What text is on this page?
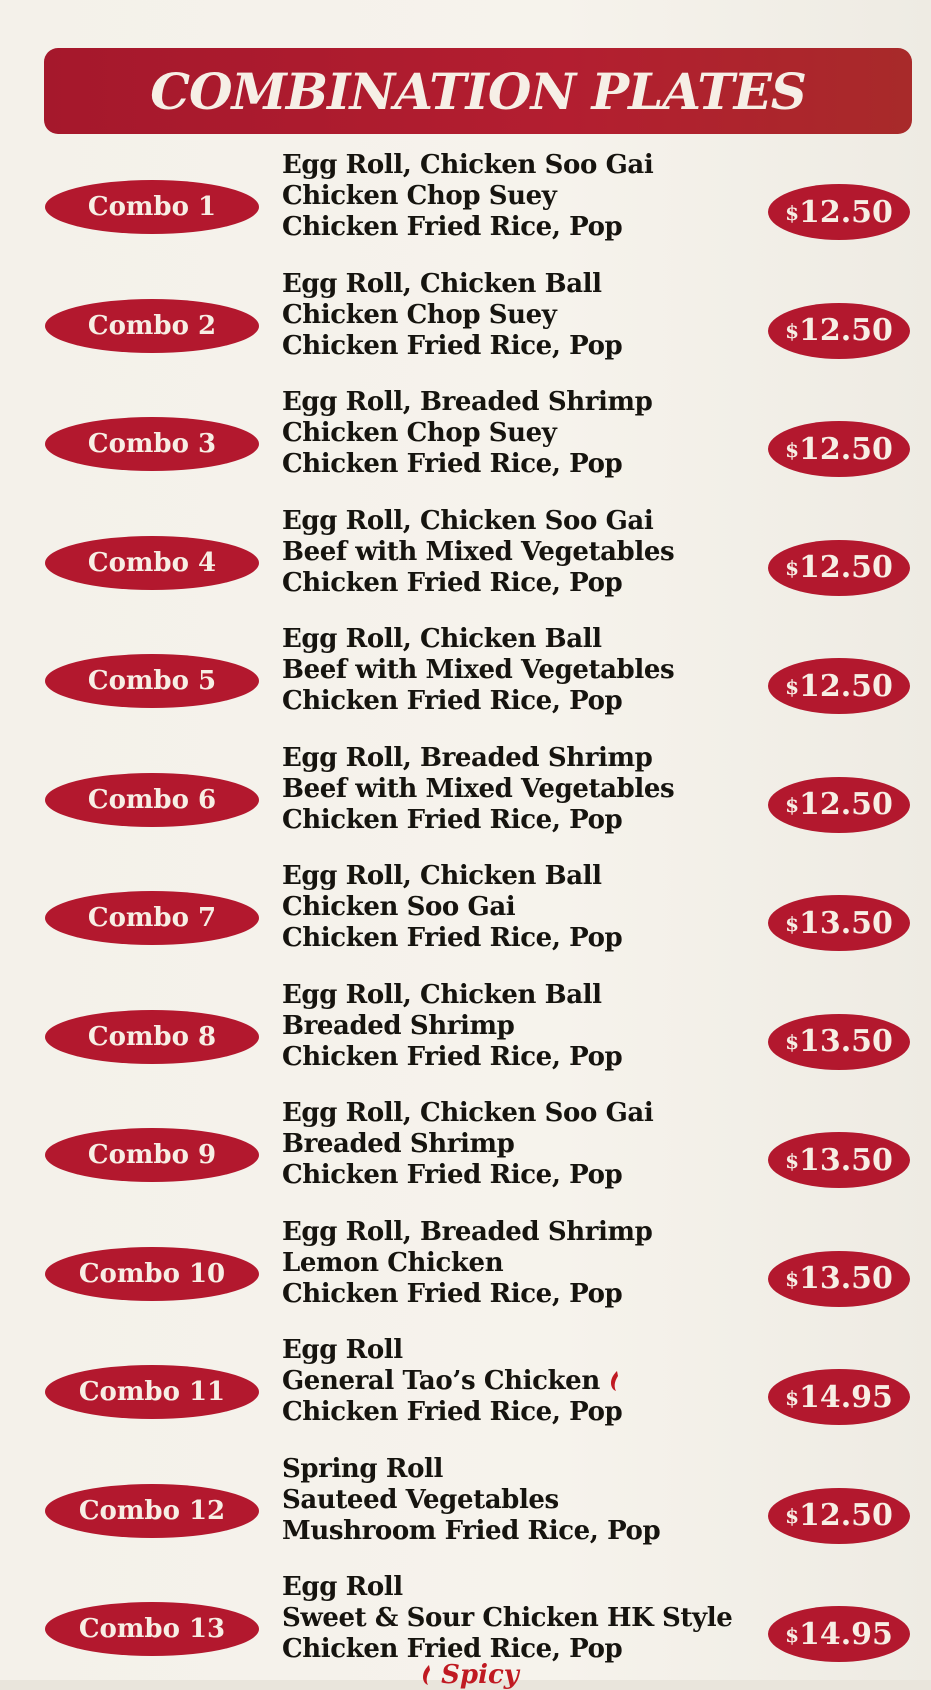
COMBINATION PLATES
Combo 1
Egg Roll, Chicken Soo Gai
Chicken Chop Suey
Chicken Fried Rice, Pop	$12.50
Combo 2
Egg Roll, Chicken Ball
Chicken Chop Suey
Chicken Fried Rice, Pop	$12.50
Combo 3
Egg Roll, Breaded Shrimp
Chicken Chop Suey
Chicken Fried Rice, Pop	$12.50
Combo 4
Egg Roll, Chicken Soo Gai
Beef with Mixed Vegetables
Chicken Fried Rice, Pop	$12.50
Combo 5
Egg Roll, Chicken Ball
Beef with Mixed Vegetables
Chicken Fried Rice, Pop	$12.50
Combo 6
Egg Roll, Breaded Shrimp
Beef with Mixed Vegetables
Chicken Fried Rice, Pop	$12.50
Combo 7
Egg Roll, Chicken Ball
Chicken Soo Gai
Chicken Fried Rice, Pop	$13.50
Combo 8
Egg Roll, Chicken Ball
Breaded Shrimp
Chicken Fried Rice, Pop	$13.50
Combo 9
Egg Roll, Chicken Soo Gai
Breaded Shrimp
Chicken Fried Rice, Pop	$13.50
Combo 10
Egg Roll, Breaded Shrimp
Lemon Chicken
Chicken Fried Rice, Pop	$13.50
Combo 11
Egg Roll
General Tao’s Chicken
Chicken Fried Rice, Pop	$14.95
Combo 12
Spring Roll
Sauteed Vegetables
Mushroom Fried Rice, Pop	$12.50
Combo 13
Egg Roll
Sweet & Sour Chicken HK Style
Chicken Fried Rice, Pop	$14.95
Spicy
